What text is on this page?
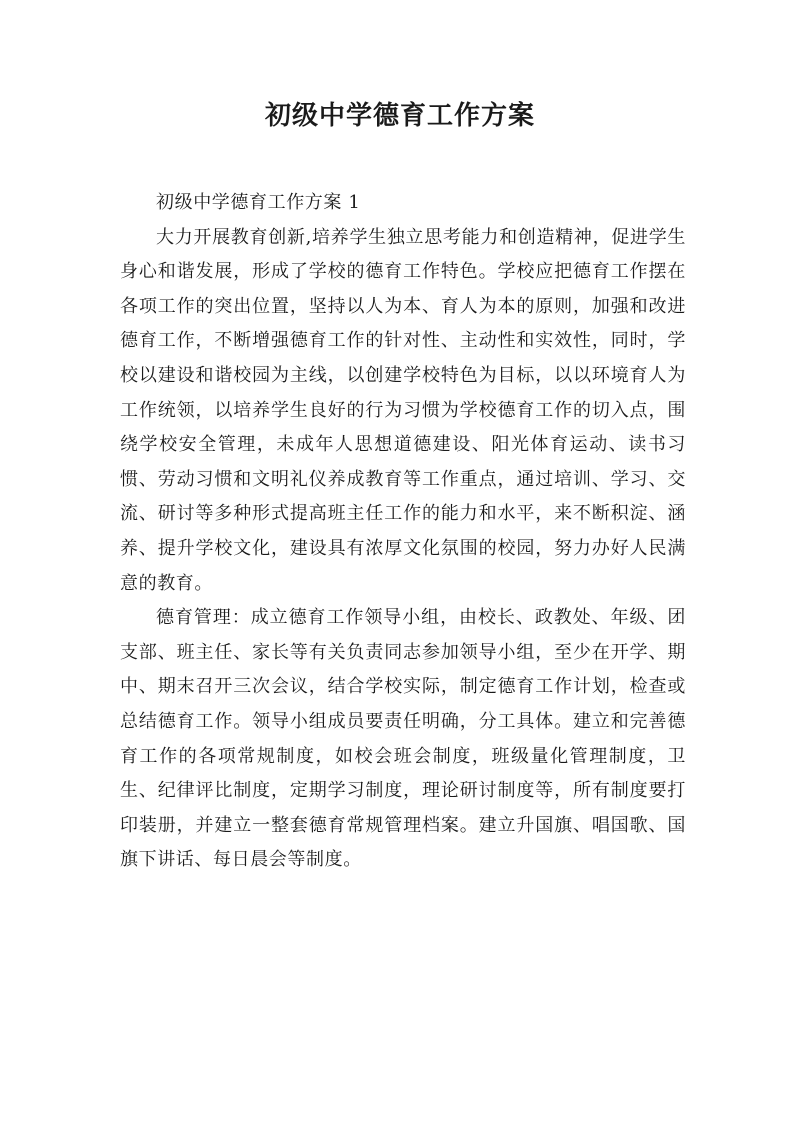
初级中学德育工作方案

初级中学德育工作方案 1

大力开展教育创新,培养学生独立思考能力和创造精神，促进学生身心和谐发展，形成了学校的德育工作特色。学校应把德育工作摆在各项工作的突出位置，坚持以人为本、育人为本的原则，加强和改进德育工作，不断增强德育工作的针对性、主动性和实效性，同时，学校以建设和谐校园为主线，以创建学校特色为目标，以以环境育人为工作统领，以培养学生良好的行为习惯为学校德育工作的切入点，围绕学校安全管理，未成年人思想道德建设、阳光体育运动、读书习惯、劳动习惯和文明礼仪养成教育等工作重点，通过培训、学习、交流、研讨等多种形式提高班主任工作的能力和水平，来不断积淀、涵养、提升学校文化，建设具有浓厚文化氛围的校园，努力办好人民满意的教育。

德育管理：成立德育工作领导小组，由校长、政教处、年级、团支部、班主任、家长等有关负责同志参加领导小组，至少在开学、期中、期末召开三次会议，结合学校实际，制定德育工作计划，检查或总结德育工作。领导小组成员要责任明确，分工具体。建立和完善德育工作的各项常规制度，如校会班会制度，班级量化管理制度，卫生、纪律评比制度，定期学习制度，理论研讨制度等，所有制度要打印装册，并建立一整套德育常规管理档案。建立升国旗、唱国歌、国旗下讲话、每日晨会等制度。
